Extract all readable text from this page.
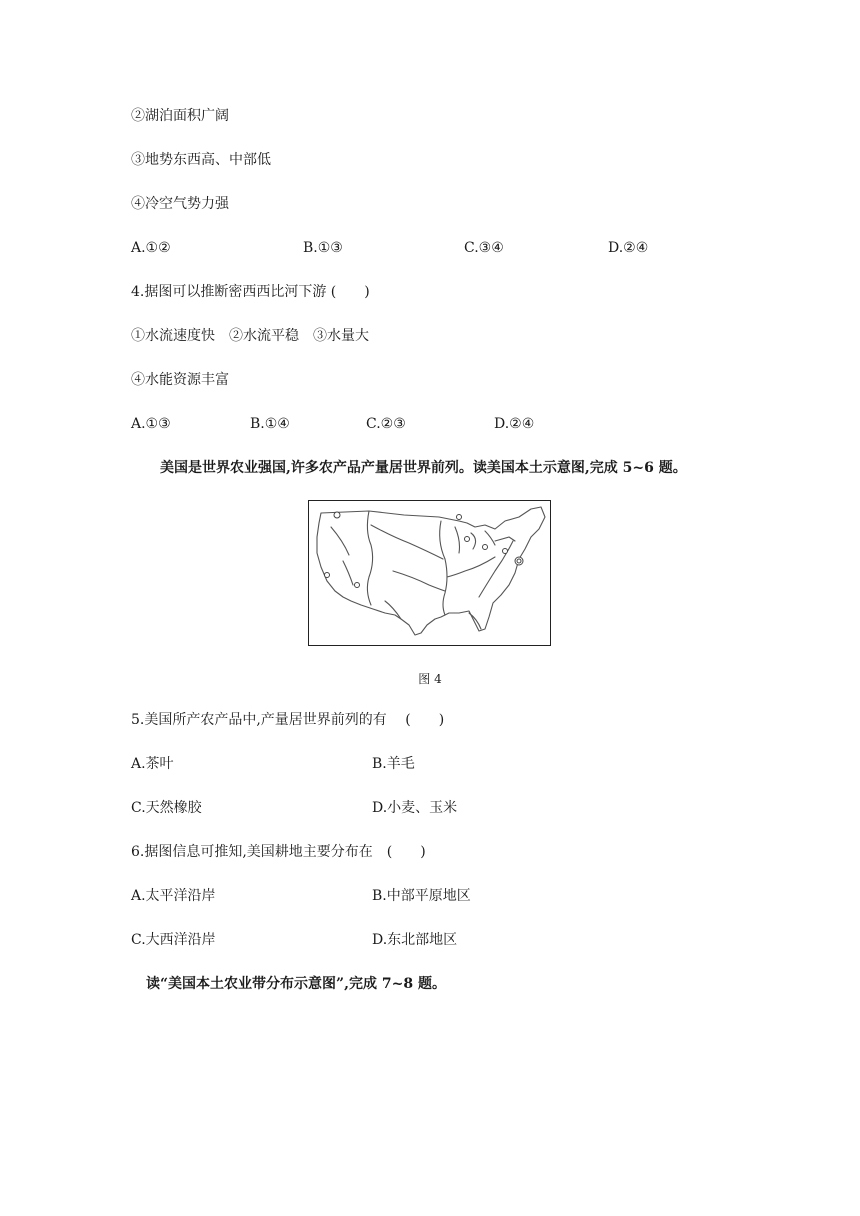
②湖泊面积广阔
③地势东西高、中部低
④冷空气势力强
A.①②	B.①③	C.③④	D.②④
4.据图可以推断密西西比河下游 (　　)
①水流速度快　②水流平稳　③水量大
④水能资源丰富
A.①③	B.①④	C.②③	D.②④
美国是世界农业强国,许多农产品产量居世界前列。读美国本土示意图,完成 5~6 题。
图 4
5.美国所产农产品中,产量居世界前列的有　 (　　)
A.茶叶	B.羊毛
C.天然橡胶	D.小麦、玉米
6.据图信息可推知,美国耕地主要分布在　(　　)
A.太平洋沿岸	B.中部平原地区
C.大西洋沿岸	D.东北部地区
读“美国本土农业带分布示意图”,完成 7~8 题。
